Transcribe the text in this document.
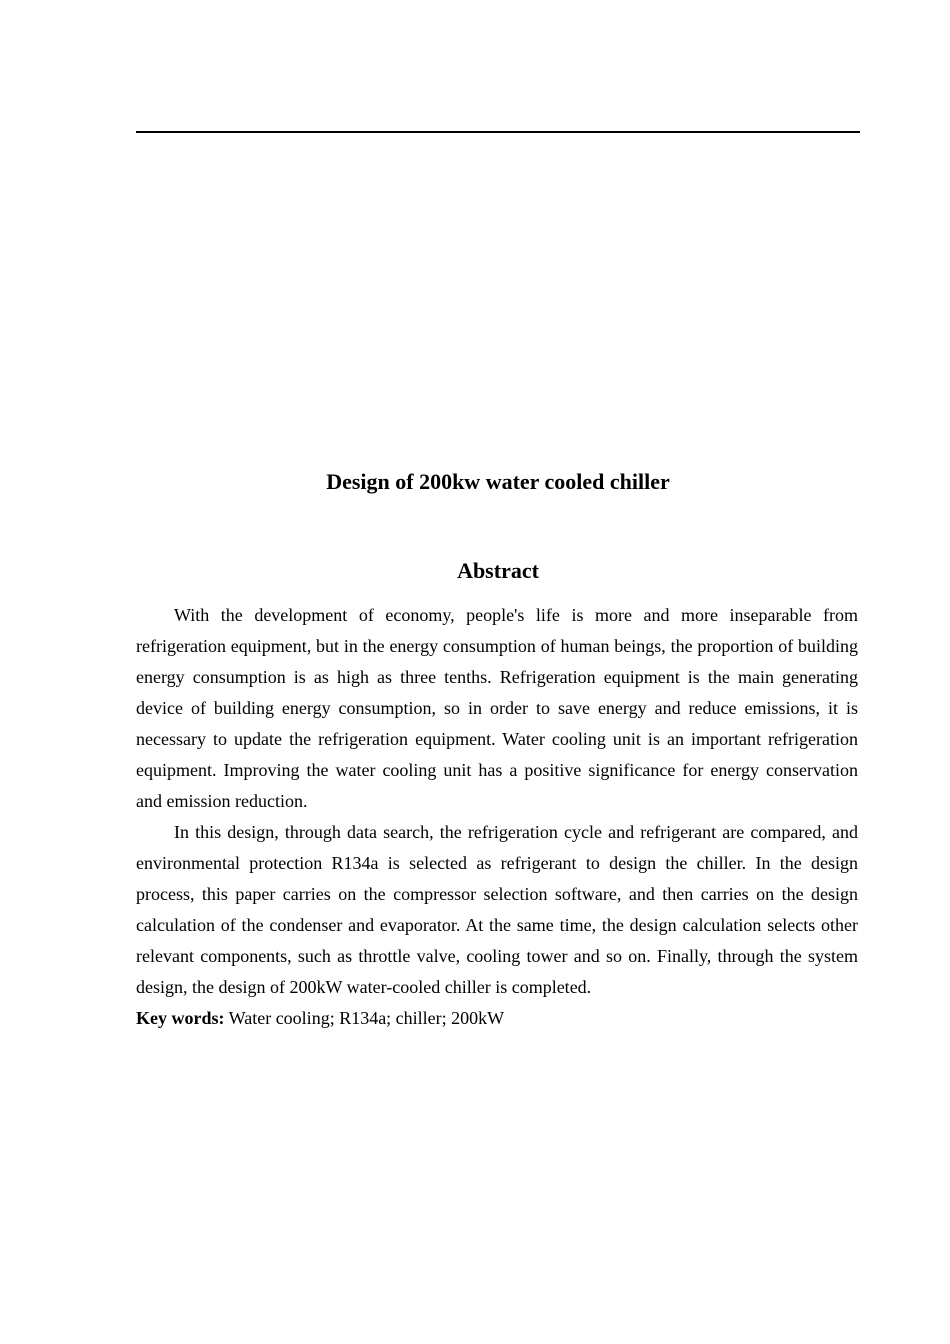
Design of 200kw water cooled chiller
Abstract

With the development of economy, people's life is more and more inseparable from refrigeration equipment, but in the energy consumption of human beings, the proportion of building energy consumption is as high as three tenths. Refrigeration equipment is the main generating device of building energy consumption, so in order to save energy and reduce emissions, it is necessary to update the refrigeration equipment. Water cooling unit is an important refrigeration equipment. Improving the water cooling unit has a positive significance for energy conservation and emission reduction.

In this design, through data search, the refrigeration cycle and refrigerant are compared, and environmental protection R134a is selected as refrigerant to design the chiller. In the design process, this paper carries on the compressor selection software, and then carries on the design calculation of the condenser and evaporator. At the same time, the design calculation selects other relevant components, such as throttle valve, cooling tower and so on. Finally, through the system design, the design of 200kW water-cooled chiller is completed.

Key words: Water cooling; R134a; chiller; 200kW
